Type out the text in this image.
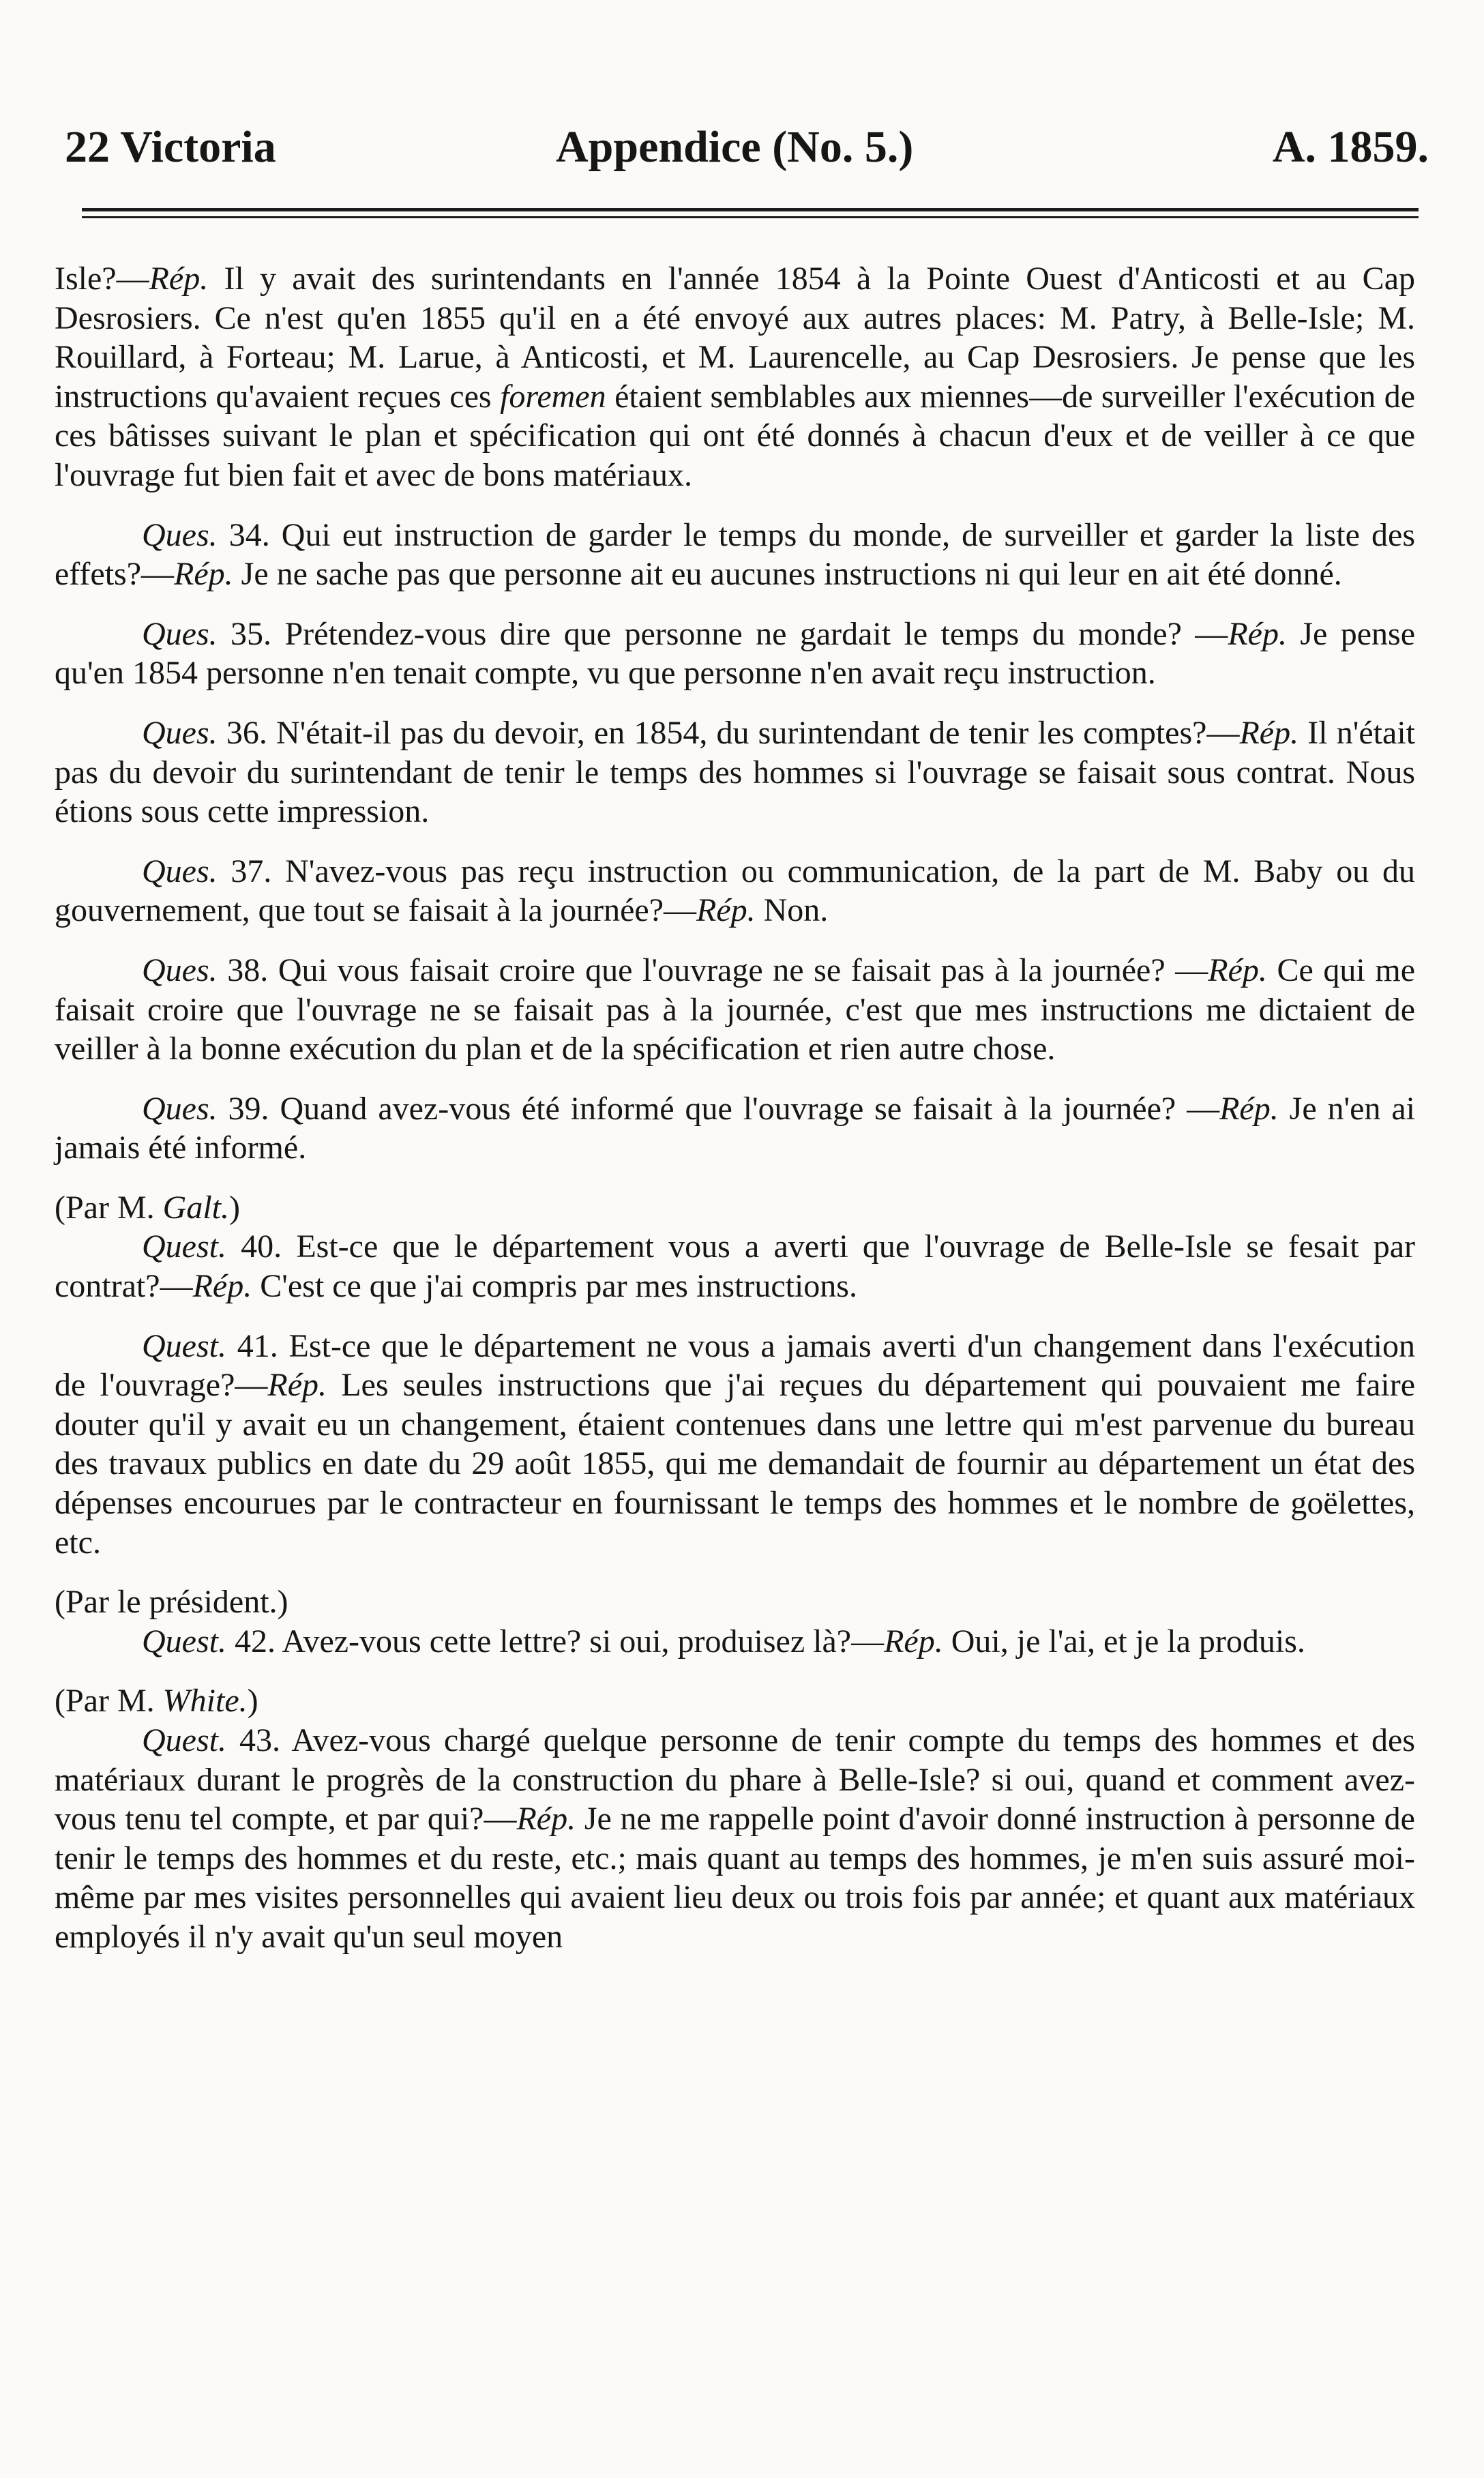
22 Victoria	Appendice (No. 5.)	A. 1859.

Isle?—Rép. Il y avait des surintendants en l'année 1854 à la Pointe Ouest d'Anticosti et au Cap Desrosiers. Ce n'est qu'en 1855 qu'il en a été envoyé aux autres places: M. Patry, à Belle-Isle; M. Rouillard, à Forteau; M. Larue, à Anticosti, et M. Laurencelle, au Cap Desrosiers. Je pense que les instructions qu'avaient reçues ces foremen étaient semblables aux miennes—de surveiller l'exécution de ces bâtisses suivant le plan et spécification qui ont été donnés à chacun d'eux et de veiller à ce que l'ouvrage fut bien fait et avec de bons matériaux.

Ques. 34. Qui eut instruction de garder le temps du monde, de surveiller et garder la liste des effets?—Rép. Je ne sache pas que personne ait eu aucunes instructions ni qui leur en ait été donné.

Ques. 35. Prétendez-vous dire que personne ne gardait le temps du monde? —Rép. Je pense qu'en 1854 personne n'en tenait compte, vu que personne n'en avait reçu instruction.

Ques. 36. N'était-il pas du devoir, en 1854, du surintendant de tenir les comptes?—Rép. Il n'était pas du devoir du surintendant de tenir le temps des hommes si l'ouvrage se faisait sous contrat. Nous étions sous cette impression.

Ques. 37. N'avez-vous pas reçu instruction ou communication, de la part de M. Baby ou du gouvernement, que tout se faisait à la journée?—Rép. Non.

Ques. 38. Qui vous faisait croire que l'ouvrage ne se faisait pas à la journée? —Rép. Ce qui me faisait croire que l'ouvrage ne se faisait pas à la journée, c'est que mes instructions me dictaient de veiller à la bonne exécution du plan et de la spécification et rien autre chose.

Ques. 39. Quand avez-vous été informé que l'ouvrage se faisait à la journée? —Rép. Je n'en ai jamais été informé.

(Par M. Galt.)

Quest. 40. Est-ce que le département vous a averti que l'ouvrage de Belle-Isle se fesait par contrat?—Rép. C'est ce que j'ai compris par mes instructions.

Quest. 41. Est-ce que le département ne vous a jamais averti d'un changement dans l'exécution de l'ouvrage?—Rép. Les seules instructions que j'ai reçues du département qui pouvaient me faire douter qu'il y avait eu un changement, étaient contenues dans une lettre qui m'est parvenue du bureau des travaux publics en date du 29 août 1855, qui me demandait de fournir au département un état des dépenses encourues par le contracteur en fournissant le temps des hommes et le nombre de goëlettes, etc.

(Par le président.)

Quest. 42. Avez-vous cette lettre? si oui, produisez là?—Rép. Oui, je l'ai, et je la produis.

(Par M. White.)

Quest. 43. Avez-vous chargé quelque personne de tenir compte du temps des hommes et des matériaux durant le progrès de la construction du phare à Belle-Isle? si oui, quand et comment avez-vous tenu tel compte, et par qui?—Rép. Je ne me rappelle point d'avoir donné instruction à personne de tenir le temps des hommes et du reste, etc.; mais quant au temps des hommes, je m'en suis assuré moi-même par mes visites personnelles qui avaient lieu deux ou trois fois par année; et quant aux matériaux employés il n'y avait qu'un seul moyen
